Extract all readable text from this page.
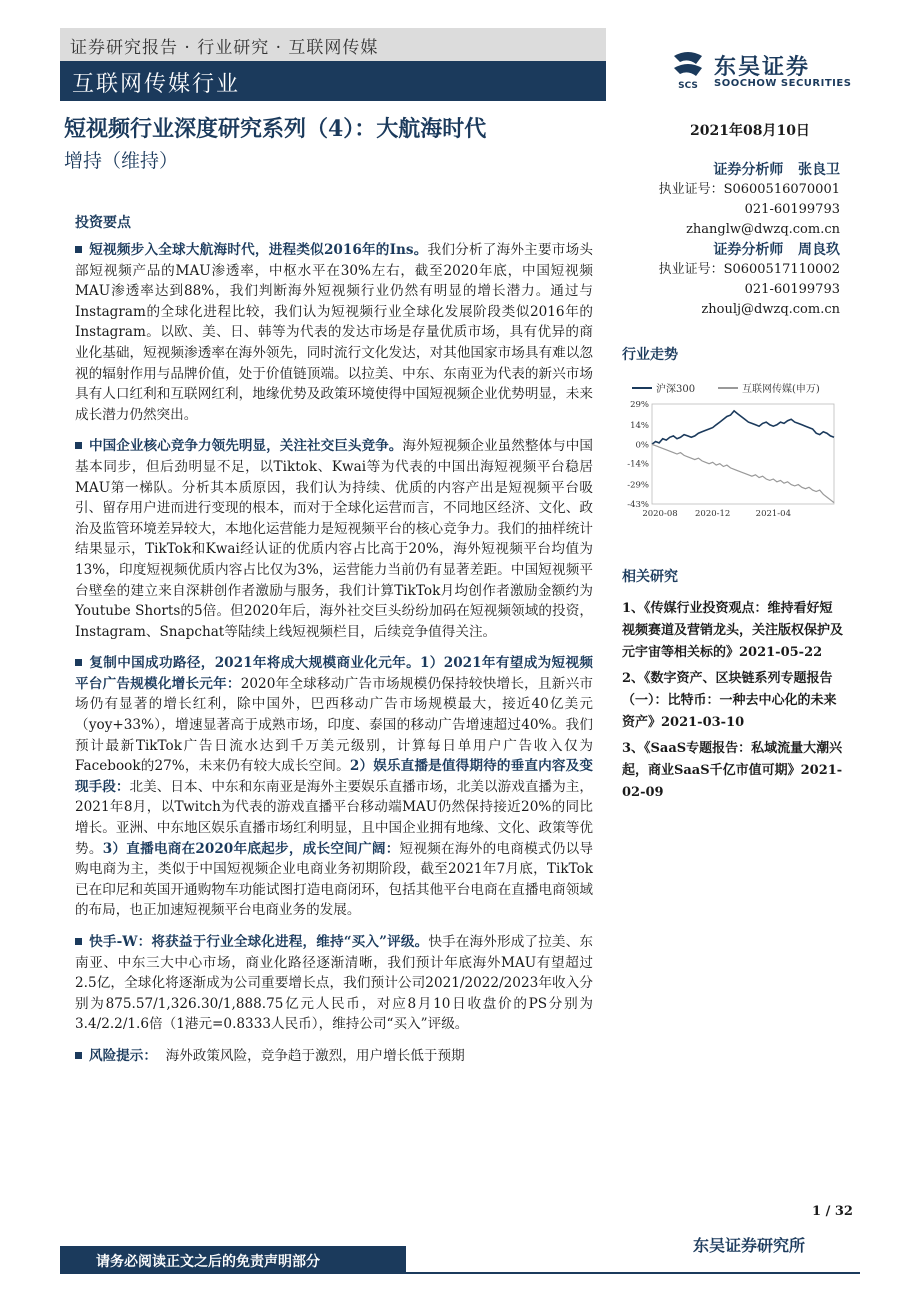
证券研究报告 · 行业研究 · 互联网传媒
互联网传媒行业	SCS
东吴证券
SOOCHOW SECURITIES
短视频行业深度研究系列（4）：大航海时代	2021年08月10日
增持（维持）	证券分析师 张良卫
执业证号：S0600516070001
021-60199793
zhanglw@dwzq.com.cn
证券分析师 周良玖
执业证号：S0600517110002
021-60199793
zhoulj@dwzq.com.cn
投资要点

短视频步入全球大航海时代，进程类似2016年的Ins。我们分析了海外主要市场头部短视频产品的MAU渗透率，中枢水平在30%左右，截至2020年底，中国短视频MAU渗透率达到88%，我们判断海外短视频行业仍然有明显的增长潜力。通过与Instagram的全球化进程比较，我们认为短视频行业全球化发展阶段类似2016年的Instagram。以欧、美、日、韩等为代表的发达市场是存量优质市场，具有优异的商业化基础，短视频渗透率在海外领先，同时流行文化发达，对其他国家市场具有难以忽视的辐射作用与品牌价值，处于价值链顶端。以拉美、中东、东南亚为代表的新兴市场具有人口红利和互联网红利，地缘优势及政策环境使得中国短视频企业优势明显，未来成长潜力仍然突出。

中国企业核心竞争力领先明显，关注社交巨头竞争。海外短视频企业虽然整体与中国基本同步，但后劲明显不足，以Tiktok、Kwai等为代表的中国出海短视频平台稳居MAU第一梯队。分析其本质原因，我们认为持续、优质的内容产出是短视频平台吸引、留存用户进而进行变现的根本，而对于全球化运营而言，不同地区经济、文化、政治及监管环境差异较大，本地化运营能力是短视频平台的核心竞争力。我们的抽样统计结果显示，TikTok和Kwai经认证的优质内容占比高于20%，海外短视频平台均值为13%，印度短视频优质内容占比仅为3%，运营能力当前仍有显著差距。中国短视频平台壁垒的建立来自深耕创作者激励与服务，我们计算TikTok月均创作者激励金额约为Youtube Shorts的5倍。但2020年后，海外社交巨头纷纷加码在短视频领域的投资，Instagram、Snapchat等陆续上线短视频栏目，后续竞争值得关注。

复制中国成功路径，2021年将成大规模商业化元年。1）2021年有望成为短视频平台广告规模化增长元年：2020年全球移动广告市场规模仍保持较快增长，且新兴市场仍有显著的增长红利，除中国外，巴西移动广告市场规模最大，接近40亿美元（yoy+33%），增速显著高于成熟市场，印度、泰国的移动广告增速超过40%。我们预计最新TikTok广告日流水达到千万美元级别，计算每日单用户广告收入仅为Facebook的27%，未来仍有较大成长空间。2）娱乐直播是值得期待的垂直内容及变现手段：北美、日本、中东和东南亚是海外主要娱乐直播市场，北美以游戏直播为主，2021年8月，以Twitch为代表的游戏直播平台移动端MAU仍然保持接近20%的同比增长。亚洲、中东地区娱乐直播市场红利明显，且中国企业拥有地缘、文化、政策等优势。3）直播电商在2020年底起步，成长空间广阔：短视频在海外的电商模式仍以导购电商为主，类似于中国短视频企业电商业务初期阶段，截至2021年7月底，TikTok已在印尼和英国开通购物车功能试图打造电商闭环，包括其他平台电商在直播电商领域的布局，也正加速短视频平台电商业务的发展。

快手-W：将获益于行业全球化进程，维持“买入”评级。快手在海外形成了拉美、东南亚、中东三大中心市场，商业化路径逐渐清晰，我们预计年底海外MAU有望超过2.5亿，全球化将逐渐成为公司重要增长点，我们预计公司2021/2022/2023年收入分别为875.57/1,326.30/1,888.75亿元人民币，对应8月10日收盘价的PS分别为3.4/2.2/1.6倍（1港元=0.8333人民币），维持公司“买入”评级。

风险提示： 海外政策风险，竞争趋于激烈，用户增长低于预期

行业走势
沪深300	互联网传媒(申万)
29%
14%
0%
-14%
-29%
-43%
2020-08 2020-12	2021-04
相关研究

1、《传媒行业投资观点：维持看好短视频赛道及营销龙头，关注版权保护及元宇宙等相关标的》2021-05-22

2、《数字资产、区块链系列专题报告（一）：比特币：一种去中心化的未来资产》2021-03-10

3、《SaaS专题报告：私域流量大潮兴起，商业SaaS千亿市值可期》2021-02-09

1 / 32
东吴证券研究所
请务必阅读正文之后的免责声明部分
